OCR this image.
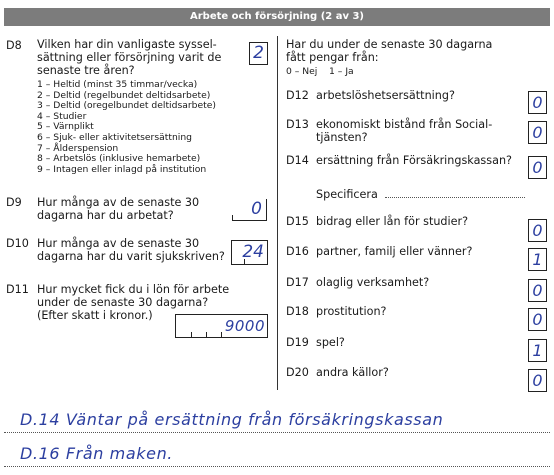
Arbete och försörjning (2 av 3)
D8 Vilken har din vanligaste syssel-
sättning eller försörjning varit de
senaste tre åren?
1 – Heltid (minst 35 timmar/vecka)
2 – Deltid (regelbundet deltidsarbete)
3 – Deltid (oregelbundet deltidsarbete)
4 – Studier
5 – Värnplikt
6 – Sjuk- eller aktivitetsersättning
7 – Ålderspension
8 – Arbetslös (inklusive hemarbete)
9 – Intagen eller inlagd på institution
2
D9 Hur många av de senaste 30
dagarna har du arbetat?	0
D10 Hur många av de senaste 30
dagarna har du varit sjukskriven?	24
D11 Hur mycket fick du i lön för arbete
under de senaste 30 dagarna?
(Efter skatt i kronor.)
9000
Har du under de senaste 30 dagarna
fått pengar från:
0 – Nej    1 – Ja
D12 arbetslöshetsersättning?	0
D13 ekonomiskt bistånd från Social-
tjänsten?	0
D14 ersättning från Försäkringskassan? 0
Specificera
D15 bidrag eller lån för studier?	0
D16 partner, familj eller vänner?	1
D17 olaglig verksamhet?	0
D18 prostitution?	0
D19 spel?	1
D20 andra källor?	0
D.14 Väntar på ersättning från försäkringskassan
D.16 Från maken.
